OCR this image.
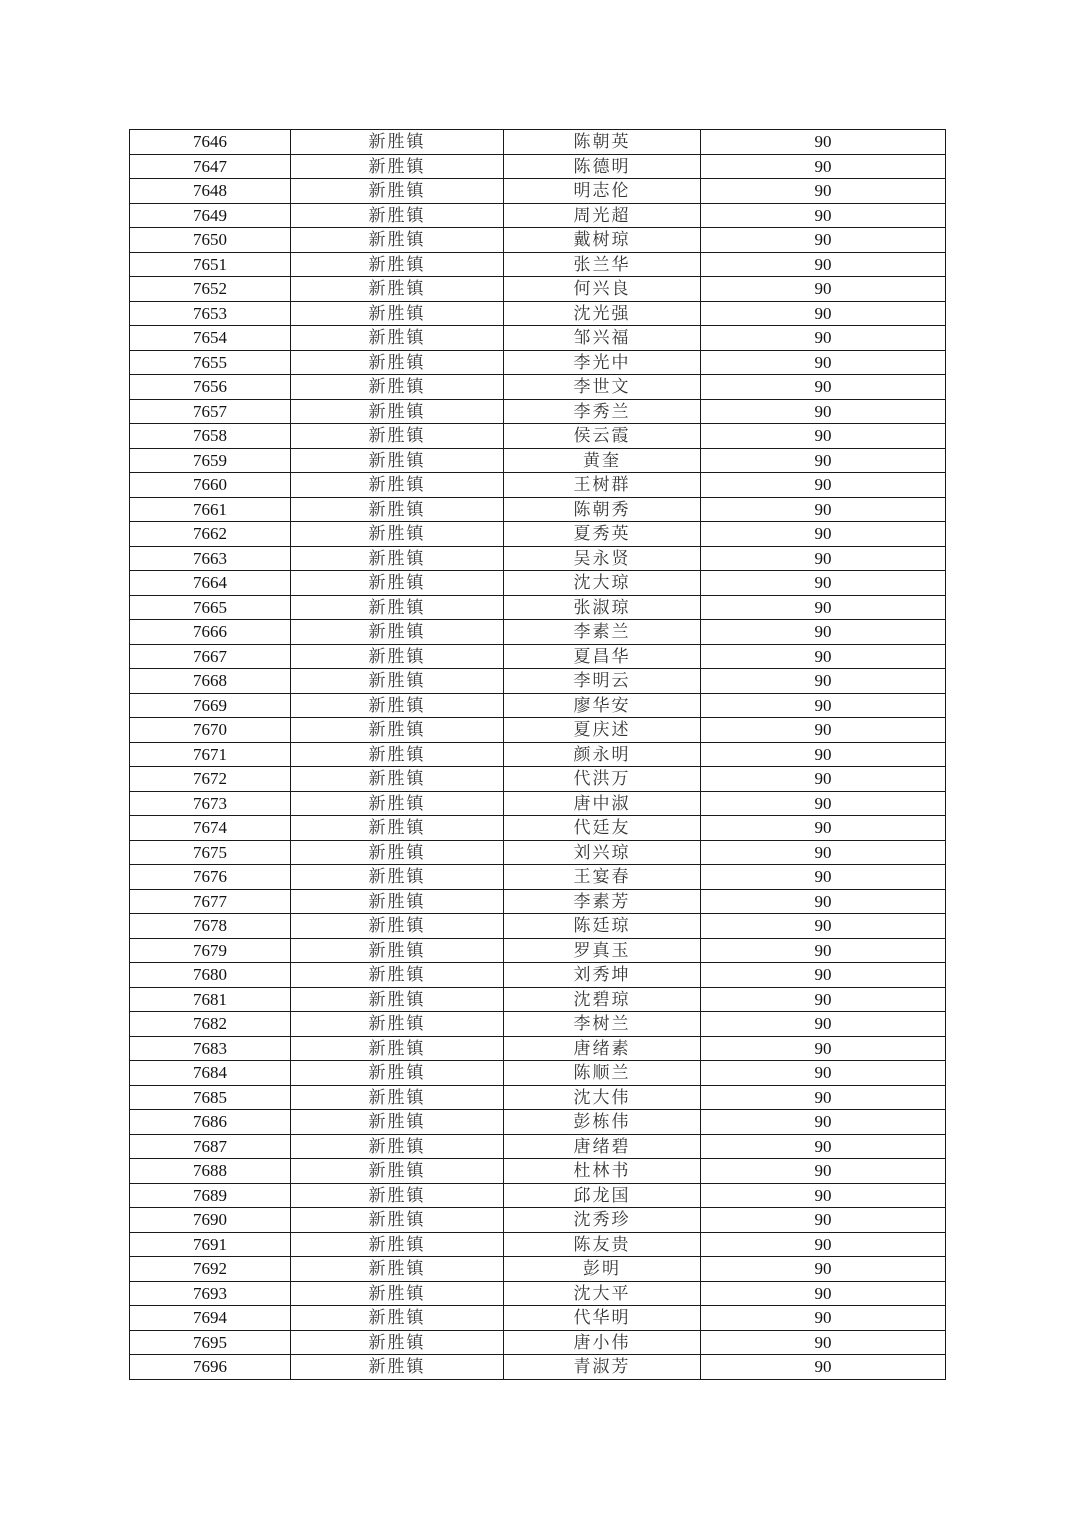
7646	新胜镇	陈朝英	90
7647	新胜镇	陈德明	90
7648	新胜镇	明志伦	90
7649	新胜镇	周光超	90
7650	新胜镇	戴树琼	90
7651	新胜镇	张兰华	90
7652	新胜镇	何兴良	90
7653	新胜镇	沈光强	90
7654	新胜镇	邹兴福	90
7655	新胜镇	李光中	90
7656	新胜镇	李世文	90
7657	新胜镇	李秀兰	90
7658	新胜镇	侯云霞	90
7659	新胜镇	黄奎	90
7660	新胜镇	王树群	90
7661	新胜镇	陈朝秀	90
7662	新胜镇	夏秀英	90
7663	新胜镇	吴永贤	90
7664	新胜镇	沈大琼	90
7665	新胜镇	张淑琼	90
7666	新胜镇	李素兰	90
7667	新胜镇	夏昌华	90
7668	新胜镇	李明云	90
7669	新胜镇	廖华安	90
7670	新胜镇	夏庆述	90
7671	新胜镇	颜永明	90
7672	新胜镇	代洪万	90
7673	新胜镇	唐中淑	90
7674	新胜镇	代廷友	90
7675	新胜镇	刘兴琼	90
7676	新胜镇	王宴春	90
7677	新胜镇	李素芳	90
7678	新胜镇	陈廷琼	90
7679	新胜镇	罗真玉	90
7680	新胜镇	刘秀坤	90
7681	新胜镇	沈碧琼	90
7682	新胜镇	李树兰	90
7683	新胜镇	唐绪素	90
7684	新胜镇	陈顺兰	90
7685	新胜镇	沈大伟	90
7686	新胜镇	彭栋伟	90
7687	新胜镇	唐绪碧	90
7688	新胜镇	杜林书	90
7689	新胜镇	邱龙国	90
7690	新胜镇	沈秀珍	90
7691	新胜镇	陈友贵	90
7692	新胜镇	彭明	90
7693	新胜镇	沈大平	90
7694	新胜镇	代华明	90
7695	新胜镇	唐小伟	90
7696	新胜镇	青淑芳	90
